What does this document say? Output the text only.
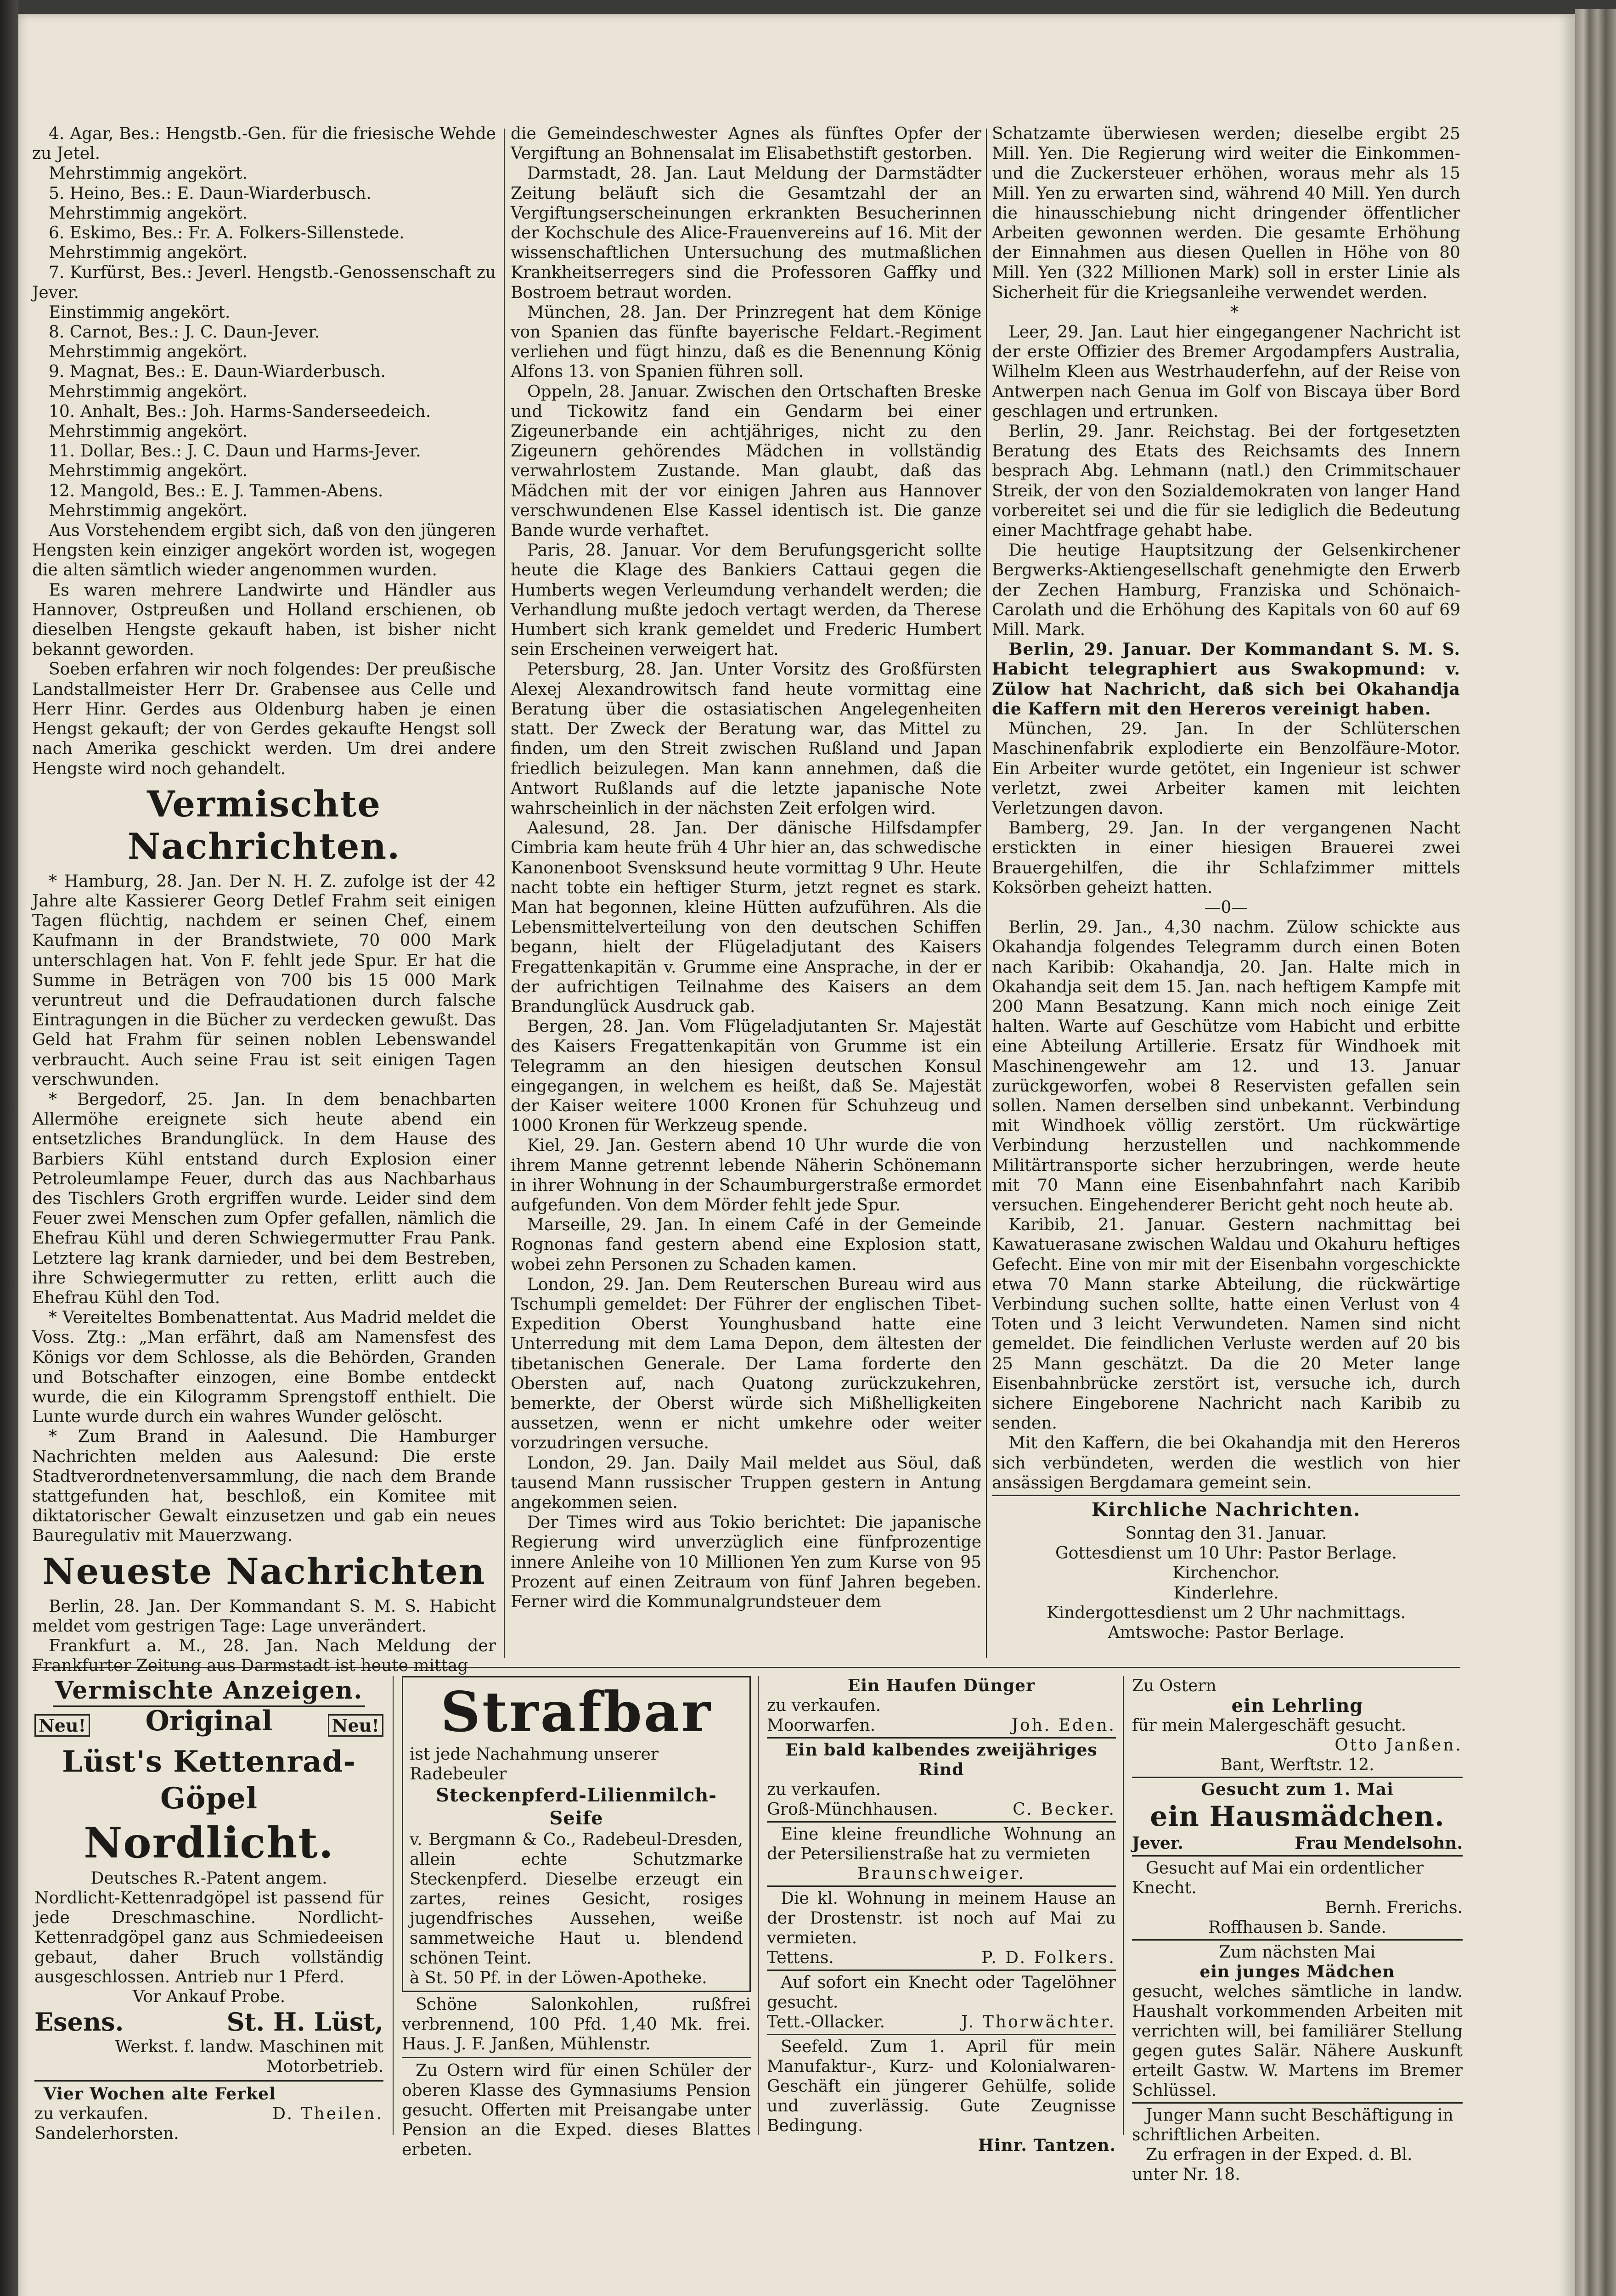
4. Agar, Bes.: Hengstb.-Gen. für die friesische Wehde zu Jetel.

Mehrstimmig angekört.

5. Heino, Bes.: E. Daun-Wiarderbusch.

Mehrstimmig angekört.

6. Eskimo, Bes.: Fr. A. Folkers-Sillenstede.

Mehrstimmig angekört.

7. Kurfürst, Bes.: Jeverl. Hengstb.-Genossenschaft zu Jever.

Einstimmig angekört.

8. Carnot, Bes.: J. C. Daun-Jever.

Mehrstimmig angekört.

9. Magnat, Bes.: E. Daun-Wiarderbusch.

Mehrstimmig angekört.

10. Anhalt, Bes.: Joh. Harms-Sanderseedeich.

Mehrstimmig angekört.

11. Dollar, Bes.: J. C. Daun und Harms-Jever.

Mehrstimmig angekört.

12. Mangold, Bes.: E. J. Tammen-Abens.

Mehrstimmig angekört.

Aus Vorstehendem ergibt sich, daß von den jüngeren Hengsten kein einziger angekört worden ist, wogegen die alten sämtlich wieder angenommen wurden.

Es waren mehrere Landwirte und Händler aus Hannover, Ostpreußen und Holland erschienen, ob dieselben Hengste gekauft haben, ist bisher nicht bekannt geworden.

Soeben erfahren wir noch folgendes: Der preußische Landstallmeister Herr Dr. Grabensee aus Celle und Herr Hinr. Gerdes aus Oldenburg haben je einen Hengst gekauft; der von Gerdes gekaufte Hengst soll nach Amerika geschickt werden. Um drei andere Hengste wird noch gehandelt.

Vermischte Nachrichten.

* Hamburg, 28. Jan. Der N. H. Z. zufolge ist der 42 Jahre alte Kassierer Georg Detlef Frahm seit einigen Tagen flüchtig, nachdem er seinen Chef, einem Kaufmann in der Brandstwiete, 70 000 Mark unterschlagen hat. Von F. fehlt jede Spur. Er hat die Summe in Beträgen von 700 bis 15 000 Mark veruntreut und die Defraudationen durch falsche Eintragungen in die Bücher zu verdecken gewußt. Das Geld hat Frahm für seinen noblen Lebenswandel verbraucht. Auch seine Frau ist seit einigen Tagen verschwunden.

* Bergedorf, 25. Jan. In dem benachbarten Allermöhe ereignete sich heute abend ein entsetzliches Brandunglück. In dem Hause des Barbiers Kühl entstand durch Explosion einer Petroleumlampe Feuer, durch das aus Nachbarhaus des Tischlers Groth ergriffen wurde. Leider sind dem Feuer zwei Menschen zum Opfer gefallen, nämlich die Ehefrau Kühl und deren Schwiegermutter Frau Pank. Letztere lag krank darnieder, und bei dem Bestreben, ihre Schwiegermutter zu retten, erlitt auch die Ehefrau Kühl den Tod.

* Vereiteltes Bombenattentat. Aus Madrid meldet die Voss. Ztg.: „Man erfährt, daß am Namensfest des Königs vor dem Schlosse, als die Behörden, Granden und Botschafter einzogen, eine Bombe entdeckt wurde, die ein Kilogramm Sprengstoff enthielt. Die Lunte wurde durch ein wahres Wunder gelöscht.

* Zum Brand in Aalesund. Die Hamburger Nachrichten melden aus Aalesund: Die erste Stadtverordnetenversammlung, die nach dem Brande stattgefunden hat, beschloß, ein Komitee mit diktatorischer Gewalt einzusetzen und gab ein neues Bauregulativ mit Mauerzwang.

Neueste Nachrichten

Berlin, 28. Jan. Der Kommandant S. M. S. Habicht meldet vom gestrigen Tage: Lage unverändert.

Frankfurt a. M., 28. Jan. Nach Meldung der Frankfurter Zeitung aus Darmstadt ist heute mittag

die Gemeindeschwester Agnes als fünftes Opfer der Vergiftung an Bohnensalat im Elisabethstift gestorben.

Darmstadt, 28. Jan. Laut Meldung der Darmstädter Zeitung beläuft sich die Gesamtzahl der an Vergiftungserscheinungen erkrankten Besucherinnen der Kochschule des Alice-Frauenvereins auf 16. Mit der wissenschaftlichen Untersuchung des mutmaßlichen Krankheitserregers sind die Professoren Gaffky und Bostroem betraut worden.

München, 28. Jan. Der Prinzregent hat dem Könige von Spanien das fünfte bayerische Feldart.-Regiment verliehen und fügt hinzu, daß es die Benennung König Alfons 13. von Spanien führen soll.

Oppeln, 28. Januar. Zwischen den Ortschaften Breske und Tickowitz fand ein Gendarm bei einer Zigeunerbande ein achtjähriges, nicht zu den Zigeunern gehörendes Mädchen in vollständig verwahrlostem Zustande. Man glaubt, daß das Mädchen mit der vor einigen Jahren aus Hannover verschwundenen Else Kassel identisch ist. Die ganze Bande wurde verhaftet.

Paris, 28. Januar. Vor dem Berufungsgericht sollte heute die Klage des Bankiers Cattaui gegen die Humberts wegen Verleumdung verhandelt werden; die Verhandlung mußte jedoch vertagt werden, da Therese Humbert sich krank gemeldet und Frederic Humbert sein Erscheinen verweigert hat.

Petersburg, 28. Jan. Unter Vorsitz des Großfürsten Alexej Alexandrowitsch fand heute vormittag eine Beratung über die ostasiatischen Angelegenheiten statt. Der Zweck der Beratung war, das Mittel zu finden, um den Streit zwischen Rußland und Japan friedlich beizulegen. Man kann annehmen, daß die Antwort Rußlands auf die letzte japanische Note wahrscheinlich in der nächsten Zeit erfolgen wird.

Aalesund, 28. Jan. Der dänische Hilfsdampfer Cimbria kam heute früh 4 Uhr hier an, das schwedische Kanonenboot Svensksund heute vormittag 9 Uhr. Heute nacht tobte ein heftiger Sturm, jetzt regnet es stark. Man hat begonnen, kleine Hütten aufzuführen. Als die Lebensmittelverteilung von den deutschen Schiffen begann, hielt der Flügeladjutant des Kaisers Fregattenkapitän v. Grumme eine Ansprache, in der er der aufrichtigen Teilnahme des Kaisers an dem Brandunglück Ausdruck gab.

Bergen, 28. Jan. Vom Flügeladjutanten Sr. Majestät des Kaisers Fregattenkapitän von Grumme ist ein Telegramm an den hiesigen deutschen Konsul eingegangen, in welchem es heißt, daß Se. Majestät der Kaiser weitere 1000 Kronen für Schuhzeug und 1000 Kronen für Werkzeug spende.

Kiel, 29. Jan. Gestern abend 10 Uhr wurde die von ihrem Manne getrennt lebende Näherin Schönemann in ihrer Wohnung in der Schaumburgerstraße ermordet aufgefunden. Von dem Mörder fehlt jede Spur.

Marseille, 29. Jan. In einem Café in der Gemeinde Rognonas fand gestern abend eine Explosion statt, wobei zehn Personen zu Schaden kamen.

London, 29. Jan. Dem Reuterschen Bureau wird aus Tschumpli gemeldet: Der Führer der englischen Tibet-Expedition Oberst Younghusband hatte eine Unterredung mit dem Lama Depon, dem ältesten der tibetanischen Generale. Der Lama forderte den Obersten auf, nach Quatong zurückzukehren, bemerkte, der Oberst würde sich Mißhelligkeiten aussetzen, wenn er nicht umkehre oder weiter vorzudringen versuche.

London, 29. Jan. Daily Mail meldet aus Söul, daß tausend Mann russischer Truppen gestern in Antung angekommen seien.

Der Times wird aus Tokio berichtet: Die japanische Regierung wird unverzüglich eine fünfprozentige innere Anleihe von 10 Millionen Yen zum Kurse von 95 Prozent auf einen Zeitraum von fünf Jahren begeben. Ferner wird die Kommunalgrundsteuer dem

Schatzamte überwiesen werden; dieselbe ergibt 25 Mill. Yen. Die Regierung wird weiter die Einkommen- und die Zuckersteuer erhöhen, woraus mehr als 15 Mill. Yen zu erwarten sind, während 40 Mill. Yen durch die hinausschiebung nicht dringender öffentlicher Arbeiten gewonnen werden. Die gesamte Erhöhung der Einnahmen aus diesen Quellen in Höhe von 80 Mill. Yen (322 Millionen Mark) soll in erster Linie als Sicherheit für die Kriegsanleihe verwendet werden.

*

Leer, 29. Jan. Laut hier eingegangener Nachricht ist der erste Offizier des Bremer Argodampfers Australia, Wilhelm Kleen aus Westrhauderfehn, auf der Reise von Antwerpen nach Genua im Golf von Biscaya über Bord geschlagen und ertrunken.

Berlin, 29. Janr. Reichstag. Bei der fortgesetzten Beratung des Etats des Reichsamts des Innern besprach Abg. Lehmann (natl.) den Crimmitschauer Streik, der von den Sozialdemokraten von langer Hand vorbereitet sei und die für sie lediglich die Bedeutung einer Machtfrage gehabt habe.

Die heutige Hauptsitzung der Gelsenkirchener Bergwerks-Aktiengesellschaft genehmigte den Erwerb der Zechen Hamburg, Franziska und Schönaich-Carolath und die Erhöhung des Kapitals von 60 auf 69 Mill. Mark.

Berlin, 29. Januar. Der Kommandant S. M. S. Habicht telegraphiert aus Swakopmund: v. Zülow hat Nachricht, daß sich bei Okahandja die Kaffern mit den Hereros vereinigt haben.

München, 29. Jan. In der Schlüterschen Maschinenfabrik explodierte ein Benzolfäure-Motor. Ein Arbeiter wurde getötet, ein Ingenieur ist schwer verletzt, zwei Arbeiter kamen mit leichten Verletzungen davon.

Bamberg, 29. Jan. In der vergangenen Nacht erstickten in einer hiesigen Brauerei zwei Brauergehilfen, die ihr Schlafzimmer mittels Koksörben geheizt hatten.

—0—

Berlin, 29. Jan., 4,30 nachm. Zülow schickte aus Okahandja folgendes Telegramm durch einen Boten nach Karibib: Okahandja, 20. Jan. Halte mich in Okahandja seit dem 15. Jan. nach heftigem Kampfe mit 200 Mann Besatzung. Kann mich noch einige Zeit halten. Warte auf Geschütze vom Habicht und erbitte eine Abteilung Artillerie. Ersatz für Windhoek mit Maschinengewehr am 12. und 13. Januar zurückgeworfen, wobei 8 Reservisten gefallen sein sollen. Namen derselben sind unbekannt. Verbindung mit Windhoek völlig zerstört. Um rückwärtige Verbindung herzustellen und nachkommende Militärtransporte sicher herzubringen, werde heute mit 70 Mann eine Eisenbahnfahrt nach Karibib versuchen. Eingehenderer Bericht geht noch heute ab.

Karibib, 21. Januar. Gestern nachmittag bei Kawatuerasane zwischen Waldau und Okahuru heftiges Gefecht. Eine von mir mit der Eisenbahn vorgeschickte etwa 70 Mann starke Abteilung, die rückwärtige Verbindung suchen sollte, hatte einen Verlust von 4 Toten und 3 leicht Verwundeten. Namen sind nicht gemeldet. Die feindlichen Verluste werden auf 20 bis 25 Mann geschätzt. Da die 20 Meter lange Eisenbahnbrücke zerstört ist, versuche ich, durch sichere Eingeborene Nachricht nach Karibib zu senden.

Mit den Kaffern, die bei Okahandja mit den Hereros sich verbündeten, werden die westlich von hier ansässigen Bergdamara gemeint sein.

Kirchliche Nachrichten.

Sonntag den 31. Januar.

Gottesdienst um 10 Uhr: Pastor Berlage.

Kirchenchor.

Kinderlehre.

Kindergottesdienst um 2 Uhr nachmittags.

Amtswoche: Pastor Berlage.

Vermischte Anzeigen.
Neu!	Original	Neu!
Lüst's Kettenrad-Göpel
Nordlicht.

Deutsches R.-Patent angem.

Nordlicht-Kettenradgöpel ist passend für jede Dreschmaschine. Nordlicht-Kettenradgöpel ganz aus Schmiedeeisen gebaut, daher Bruch vollständig ausgeschlossen. Antrieb nur 1 Pferd.

Vor Ankauf Probe.

Esens.	St. H. Lüst,

Werkst. f. landw. Maschinen mit Motorbetrieb.

Vier Wochen alte Ferkel

zu verkaufen.	D. Theilen.

Sandelerhorsten.

Strafbar

ist jede Nachahmung unserer Radebeuler

Steckenpferd-Lilienmilch-Seife

v. Bergmann & Co., Radebeul-Dresden, allein echte Schutzmarke Steckenpferd. Dieselbe erzeugt ein zartes, reines Gesicht, rosiges jugendfrisches Aussehen, weiße sammetweiche Haut u. blendend schönen Teint.

à St. 50 Pf. in der Löwen-Apotheke.

Schöne Salonkohlen, rußfrei verbrennend, 100 Pfd. 1,40 Mk. frei. Haus. J. F. Janßen, Mühlenstr.

Zu Ostern wird für einen Schüler der oberen Klasse des Gymnasiums Pension gesucht. Offerten mit Preisangabe unter Pension an die Exped. dieses Blattes erbeten.

Ein Haufen Dünger

zu verkaufen.

Moorwarfen.	Joh. Eden.

Ein bald kalbendes zweijähriges Rind

zu verkaufen.

Groß-Münchhausen.	C. Becker.

Eine kleine freundliche Wohnung an der Petersilienstraße hat zu vermieten

Braunschweiger.

Die kl. Wohnung in meinem Hause an der Drostenstr. ist noch auf Mai zu vermieten.

Tettens.	P. D. Folkers.

Auf sofort ein Knecht oder Tagelöhner gesucht.

Tett.-Ollacker.	J. Thorwächter.

Seefeld. Zum 1. April für mein Manufaktur-, Kurz- und Kolonialwaren-Geschäft ein jüngerer Gehülfe, solide und zuverlässig. Gute Zeugnisse Bedingung.

Hinr. Tantzen.

Zu Ostern

ein Lehrling

für mein Malergeschäft gesucht.

Otto Janßen.

Bant, Werftstr. 12.

Gesucht zum 1. Mai

ein Hausmädchen.

Jever.	Frau Mendelsohn.

Gesucht auf Mai ein ordentlicher Knecht.

Bernh. Frerichs.

Roffhausen b. Sande.

Zum nächsten Mai

ein junges Mädchen

gesucht, welches sämtliche in landw. Haushalt vorkommenden Arbeiten mit verrichten will, bei familiärer Stellung gegen gutes Salär. Nähere Auskunft erteilt Gastw. W. Martens im Bremer Schlüssel.

Junger Mann sucht Beschäftigung in schriftlichen Arbeiten.

Zu erfragen in der Exped. d. Bl. unter Nr. 18.
